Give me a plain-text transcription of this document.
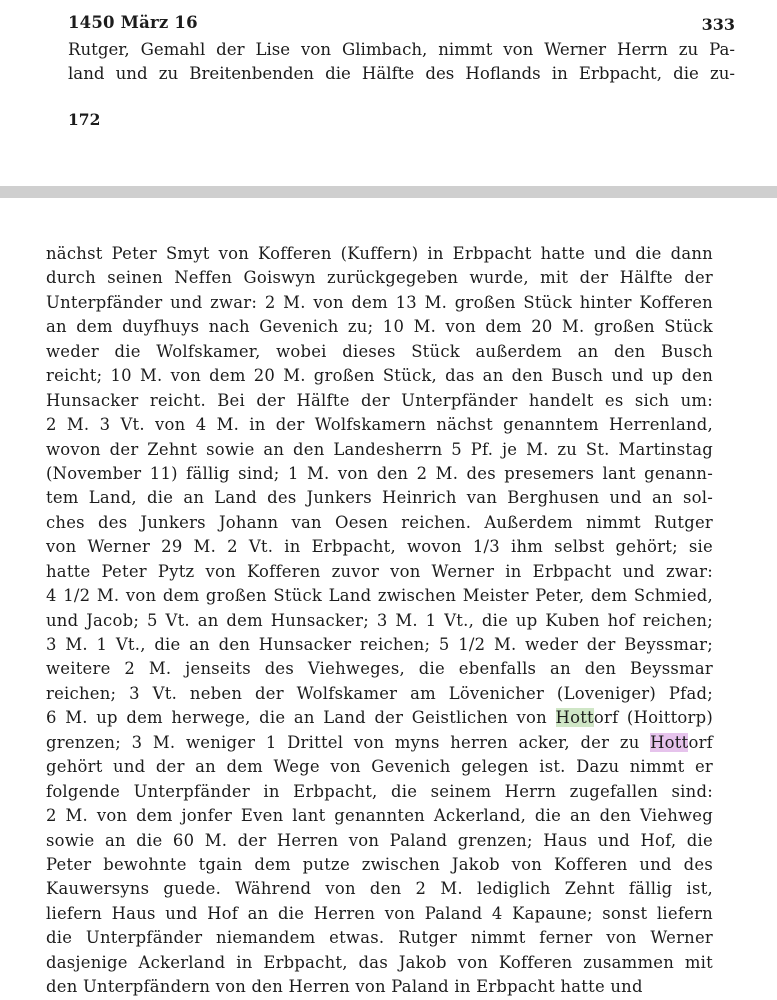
1450 März 16	333
Rutger, Gemahl der Lise von Glimbach, nimmt von Werner Herrn zu Pa-
land und zu Breitenbenden die Hälfte des Hoflands in Erbpacht, die zu-
172
nächst Peter Smyt von Kofferen (Kuffern) in Erbpacht hatte und die dann
durch seinen Neffen Goiswyn zurückgegeben wurde, mit der Hälfte der
Unterpfänder und zwar: 2 M. von dem 13 M. großen Stück hinter Kofferen
an dem duyfhuys nach Gevenich zu; 10 M. von dem 20 M. großen Stück
weder die Wolfskamer, wobei dieses Stück außerdem an den Busch
reicht; 10 M. von dem 20 M. großen Stück, das an den Busch und up den
Hunsacker reicht. Bei der Hälfte der Unterpfänder handelt es sich um:
2 M. 3 Vt. von 4 M. in der Wolfskamern nächst genanntem Herrenland,
wovon der Zehnt sowie an den Landesherrn 5 Pf. je M. zu St. Martinstag
(November 11) fällig sind; 1 M. von den 2 M. des presemers lant genann-
tem Land, die an Land des Junkers Heinrich van Berghusen und an sol-
ches des Junkers Johann van Oesen reichen. Außerdem nimmt Rutger
von Werner 29 M. 2 Vt. in Erbpacht, wovon 1/3 ihm selbst gehört; sie
hatte Peter Pytz von Kofferen zuvor von Werner in Erbpacht und zwar:
4 1/2 M. von dem großen Stück Land zwischen Meister Peter, dem Schmied,
und Jacob; 5 Vt. an dem Hunsacker; 3 M. 1 Vt., die up Kuben hof reichen;
3 M. 1 Vt., die an den Hunsacker reichen; 5 1/2 M. weder der Beyssmar;
weitere 2 M. jenseits des Viehweges, die ebenfalls an den Beyssmar
reichen; 3 Vt. neben der Wolfskamer am Lövenicher (Loveniger) Pfad;
6 M. up dem herwege, die an Land der Geistlichen von Hottorf (Hoittorp)
grenzen; 3 M. weniger 1 Drittel von myns herren acker, der zu Hottorf
gehört und der an dem Wege von Gevenich gelegen ist. Dazu nimmt er
folgende Unterpfänder in Erbpacht, die seinem Herrn zugefallen sind:
2 M. von dem jonfer Even lant genannten Ackerland, die an den Viehweg
sowie an die 60 M. der Herren von Paland grenzen; Haus und Hof, die
Peter bewohnte tgain dem putze zwischen Jakob von Kofferen und des
Kauwersyns guede. Während von den 2 M. lediglich Zehnt fällig ist,
liefern Haus und Hof an die Herren von Paland 4 Kapaune; sonst liefern
die Unterpfänder niemandem etwas. Rutger nimmt ferner von Werner
dasjenige Ackerland in Erbpacht, das Jakob von Kofferen zusammen mit
den Unterpfändern von den Herren von Paland in Erbpacht hatte und
